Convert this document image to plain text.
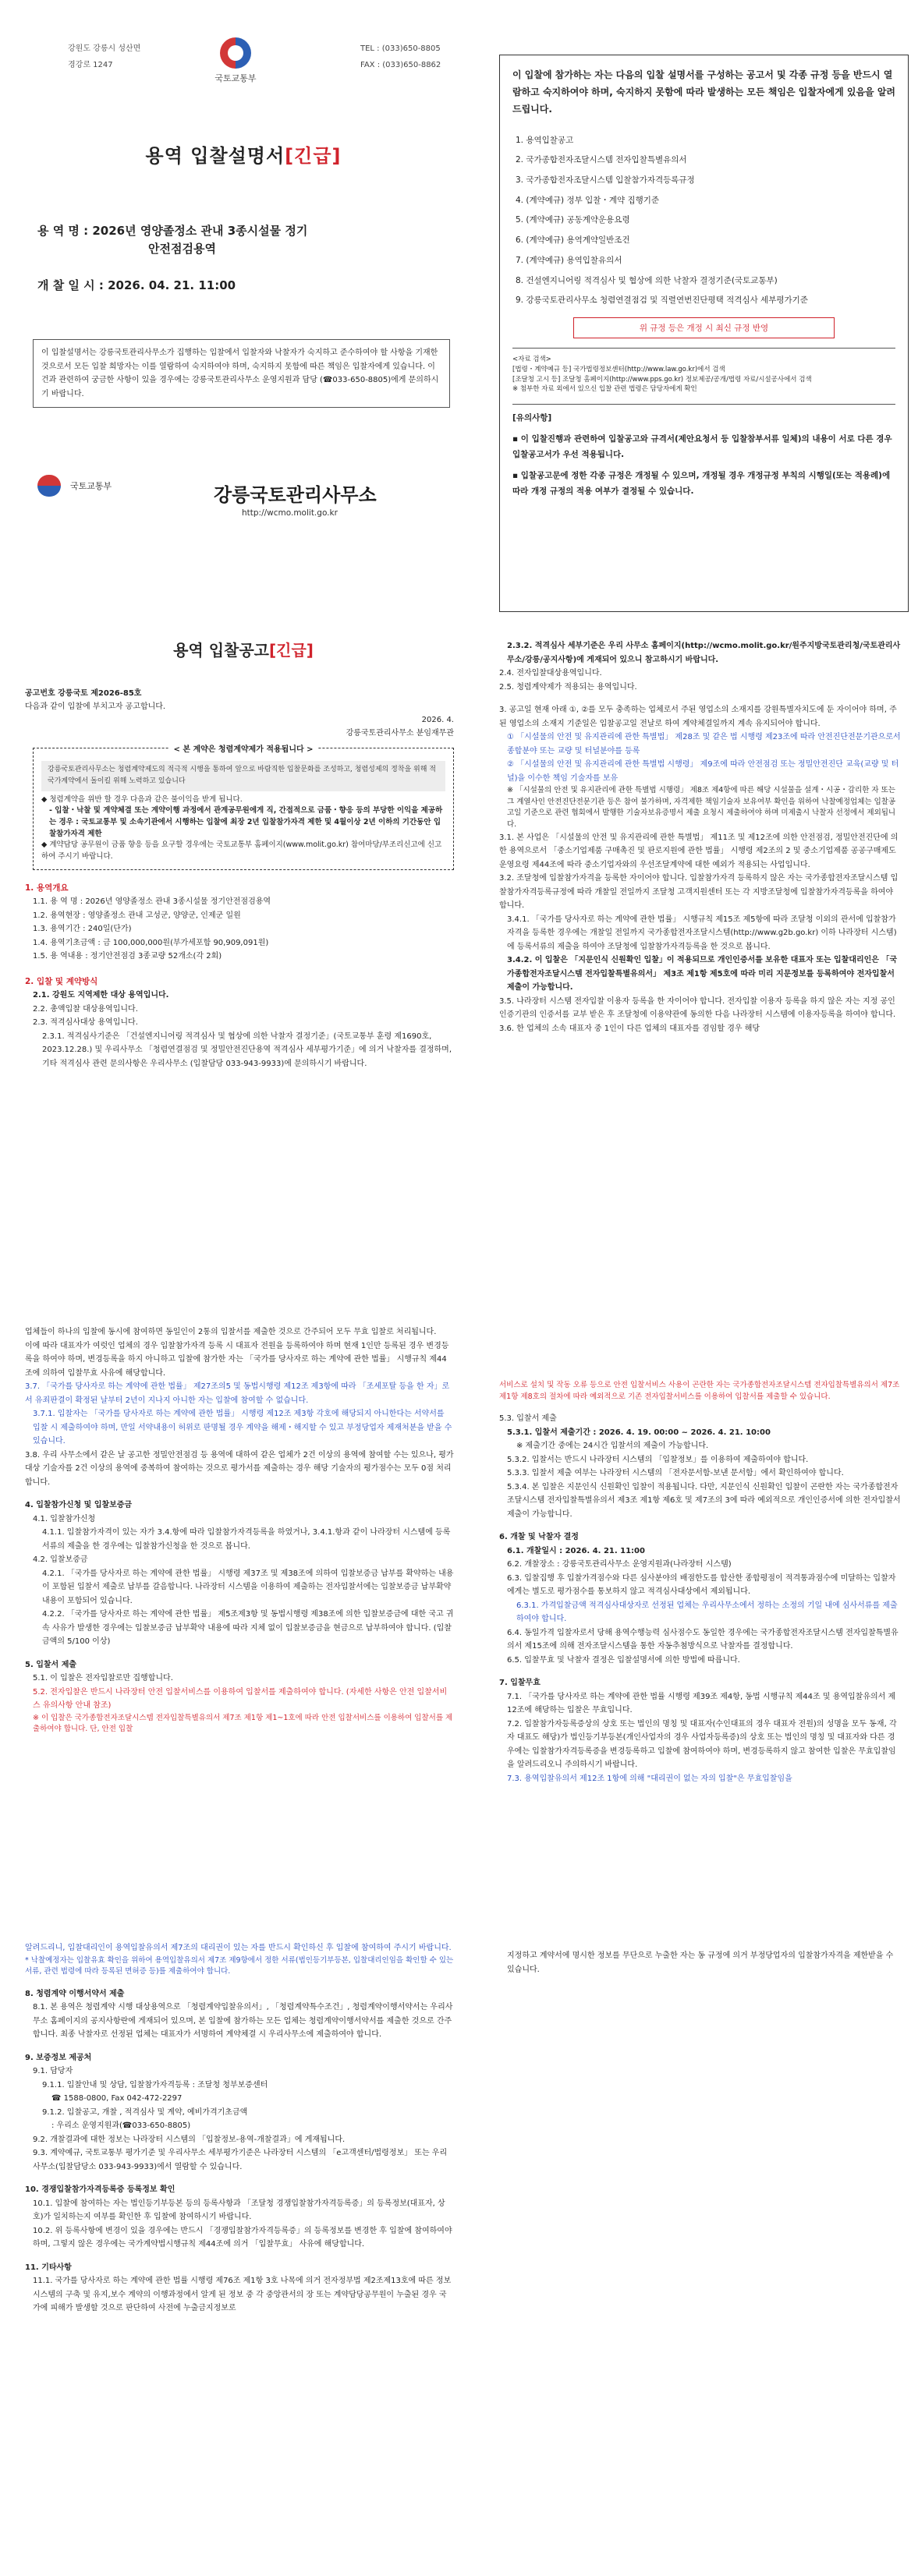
강원도 강릉시 성산면
경강로 1247
국토교통부
TEL : (033)650-8805
FAX : (033)650-8862
용역 입찰설명서[긴급]
용 역 명 : 2026년 영양졸정소 관내 3종시설물 정기
안전점검용역
개 찰 일 시 : 2026. 04. 21. 11:00
이 입찰설명서는 강릉국토관리사무소가 집행하는 입찰에서 입찰자와 낙찰자가 숙지하고 준수하여야 할 사항을 기재한 것으로서 모든 입찰 희망자는 이를 열람하여 숙지하여야 하며, 숙지하지 못함에 따른 책임은 입찰자에게 있습니다. 이 건과 관련하여 궁금한 사항이 있을 경우에는 강릉국토관리사무소 운영지원과 담당 (☎033-650-8805)에게 문의하시기 바랍니다.
국토교통부	강릉국토관리사무소
http://wcmo.molit.go.kr
이 입찰에 참가하는 자는 다음의 입찰 설명서를 구성하는 공고서 및 각종 규정 등을 반드시 열람하고 숙지하여야 하며, 숙지하지 못함에 따라 발생하는 모든 책임은 입찰자에게 있음을 알려드립니다.
1. 용역입찰공고
2. 국가종합전자조달시스템 전자입찰특별유의서
3. 국가종합전자조달시스템 입찰참가자격등록규정
4. (계약예규) 정부 입찰・계약 집행기준
5. (계약예규) 공동계약운용요령
6. (계약예규) 용역계약일반조건
7. (계약예규) 용역입찰유의서
8. 건설엔지니어링 적격심사 및 협상에 의한 낙찰자 결정기준(국토교통부)
9. 강릉국토관리사무소 청렴연결점검 및 직렬연번진단평택 적격심사 세부평가기준
위 규정 등은 개정 시 최신 규정 반영
<자료 검색>
[법령・계약예규 등] 국가법령정보센터(http://www.law.go.kr)에서 검색
[조달청 고시 등] 조달청 홈페이지(http://www.pps.go.kr) 정보제공/공개/법령 자료/시설공사에서 검색
※ 첨부한 자료 외에서 있으신 입찰 관련 법령은 담당자에게 확인
[유의사항]
▪ 이 입찰진행과 관련하여 입찰공고와 규격서(제안요청서 등 입찰참부서류 일체)의 내용이 서로 다른 경우 입찰공고서가 우선 적용됩니다.
▪ 입찰공고문에 정한 각종 규정은 개정될 수 있으며, 개정될 경우 개정규정 부칙의 시행일(또는 적용례)에 따라 개정 규정의 적용 여부가 결정될 수 있습니다.
용역 입찰공고[긴급]
공고번호 강릉국토 제2026-85호
다음과 같이 입찰에 부치고자 공고합니다.
2026. 4.
강릉국토관리사무소 분임재무관
< 본 계약은 청렴계약제가 적용됩니다 >
강릉국토관리사무소는 청렴계약제도의 적극적 시행을 통하여 앞으로 바람직한 입찰문화를 조성하고, 청렴성제의 정착을 위해 적 국가계약에서 돌이킬 위해 노력하고 있습니다
◆ 청렴계약을 위반 할 경우 다음과 같은 불이익을 받게 됩니다.
- 입찰・낙찰 및 계약체결 또는 계약이행 과정에서 관계공무원에게 직, 간접적으로 금품・향응 등의 부당한 이익을 제공하는 경우 : 국토교통부 및 소속기관에서 시행하는 입찰에 최장 2년 입찰참가자격 제한 및 4월이상 2년 이하의 기간동안 입찰참가자격 제한
◆ 계약담당 공무원이 금품 향응 등을 요구할 경우에는 국토교통부 홈페이지(www.molit.go.kr) 참여마당/부조리신고에 신고하여 주시기 바랍니다.
1. 용역개요
1.1. 용 역 명 : 2026년 영양졸정소 관내 3종시설물 정기안전점검용역
1.2. 용역현장 : 영양졸정소 관내 고성군, 양양군, 인제군 일원
1.3. 용역기간 : 240일(단가)
1.4. 용역기초금액 : 금 100,000,000원(부가세포함 90,909,091원)
1.5. 용 역내용 : 정기안전점검 3종교량 52개소(각 2회)
2. 입찰 및 계약방식
2.1. 강원도 지역제한 대상 용역입니다.
2.2. 총액입찰 대상용역입니다.
2.3. 적격심사대상 용역입니다.
2.3.1. 적격심사기준은 「건설엔지니어링 적격심사 및 협상에 의한 낙찰자 결정기준」(국토교통부 훈령 제1690호, 2023.12.28.) 및 우리사무소 「청렴연결점검 및 정밀안전진단용역 적격심사 세부평가기준」에 의거 낙찰자를 결정하며, 기타 적격심사 관련 문의사항은 우리사무소 (입찰담당 033-943-9933)에 문의하시기 바랍니다.
2.3.2. 적격심사 세부기준은 우리 사무소 홈페이지(http://wcmo.molit.go.kr/원주지방국토관리청/국토관리사무소/강릉/공지사항)에 게재되어 있으니 참고하시기 바랍니다.
2.4. 전자입찰대상용역입니다.
2.5. 청렴계약제가 적용되는 용역입니다.
3. 공고일 현재 아래 ①, ②를 모두 충족하는 업체로서 주된 영업소의 소재지를 강원특별자치도에 둔 자이어야 하며, 주된 영업소의 소재지 기준일은 입찰공고일 전날로 하여 계약체결일까지 계속 유지되어야 합니다.
① 「시설물의 안전 및 유지관리에 관한 특별법」 제28조 및 같은 법 시행령 제23조에 따라 안전진단전문기관으로서 종합분야 또는 교량 및 터널분야를 등록
② 「시설물의 안전 및 유지관리에 관한 특별법 시행령」 제9조에 따라 안전점검 또는 정밀안전진단 교육(교량 및 터널)을 이수한 책임 기술자를 보유
※ 「시설물의 안전 및 유지관리에 관한 특별법 시행령」 제8조 제4항에 따른 해당 시설물을 설계・시공・감리한 자 또는 그 계열사인 안전진단전문기관 등은 참여 불가하며, 자격제한 책임기술자 보유여부 확인을 위하여 낙찰예정업체는 입찰공고일 기준으로 관련 협회에서 발행한 기술자보유증명서 제출 요청시 제출하여야 하며 미제출시 낙찰자 선정에서 제외됩니다.
3.1. 본 사업은 「시설물의 안전 및 유지관리에 관한 특별법」 제11조 및 제12조에 의한 안전점검, 정밀안전진단에 의한 용역으로서 「중소기업제품 구매촉진 및 판로지원에 관한 법률」 시행령 제2조의 2 및 중소기업제품 공공구매제도 운영요령 제44조에 따라 중소기업자와의 우선조달계약에 대한 예외가 적용되는 사업입니다.
3.2. 조달청에 입찰참가자격을 등록한 자이어야 합니다. 입찰참가자격 등록하지 않은 자는 국가종합전자조달시스템 입찰참가자격등록규정에 따라 개찰일 전일까지 조달청 고객지원센터 또는 각 지방조달청에 입찰참가자격등록을 하여야 합니다.
3.4.1. 「국가를 당사자로 하는 계약에 관한 법률」 시행규칙 제15조 제5항에 따라 조달청 이외의 관서에 입찰참가자격을 등록한 경우에는 개찰일 전일까지 국가종합전자조달시스템(http://www.g2b.go.kr) 이하 나라장터 시스템)에 등록서류의 제출을 하여야 조달청에 입찰참가자격등록을 한 것으로 봅니다.
3.4.2. 이 입찰은 「지문인식 신원확인 입찰」이 적용되므로 개인인증서를 보유한 대표자 또는 입찰대리인은 「국가종합전자조달시스템 전자입찰특별유의서」 제3조 제1항 제5호에 따라 미리 지문정보를 등록하여야 전자입찰서 제출이 가능합니다.
3.5. 나라장터 시스템 전자입찰 이용자 등록을 한 자이어야 합니다. 전자입찰 이용자 등록을 하지 않은 자는 지정 공인인증기관의 인증서를 교부 받은 후 조달청에 이용약관에 동의한 다음 나라장터 시스템에 이용자등록을 하여야 합니다.
3.6. 한 업체의 소속 대표자 중 1인이 다른 업체의 대표자를 겸임할 경우 해당
업체들이 하나의 입찰에 동시에 참여하면 동일인이 2통의 입찰서를 제출한 것으로 간주되어 모두 무효 입찰로 처리됩니다.
이에 따라 대표자가 여럿인 업체의 경우 입찰참가자격 등록 시 대표자 전원을 등록하여야 하며 현재 1인만 등록된 경우 변경등록을 하여야 하며, 변경등록을 하지 아니하고 입찰에 참가한 자는 「국가를 당사자로 하는 계약에 관한 법률」 시행규칙 제44조에 의하여 입찰무효 사유에 해당합니다.
3.7. 「국가를 당사자로 하는 계약에 관한 법률」 제27조의5 및 동법시행령 제12조 제3항에 따라 「조세포탈 등을 한 자」로서 유죄판결이 확정된 날부터 2년이 지나지 아니한 자는 입찰에 참여할 수 없습니다.
3.7.1. 입찰자는 「국가를 당사자로 하는 계약에 관한 법률」 시행령 제12조 제3항 각호에 해당되지 아니한다는 서약서를 입찰 시 제출하여야 하며, 만일 서약내용이 허위로 판명될 경우 계약을 해제・해지할 수 있고 부정당업자 제재처분을 받을 수 있습니다.
3.8. 우리 사무소에서 같은 날 공고한 정밀안전점검 등 용역에 대하여 같은 업체가 2건 이상의 용역에 참여할 수는 있으나, 평가대상 기술자를 2건 이상의 용역에 중복하여 참여하는 것으로 평가서를 제출하는 경우 해당 기술자의 평가점수는 모두 0점 처리 합니다.
4. 입찰참가신청 및 입찰보증금
4.1. 입찰참가신청
4.1.1. 입찰참가자격이 있는 자가 3.4.항에 따라 입찰참가자격등록을 하였거나, 3.4.1.항과 같이 나라장터 시스템에 등록서류의 제출을 한 경우에는 입찰참가신청을 한 것으로 봅니다.
4.2. 입찰보증금
4.2.1. 「국가를 당사자로 하는 계약에 관한 법률」 시행령 제37조 및 제38조에 의하여 입찰보증금 납부를 확약하는 내용이 포함된 입찰서 제출로 납부를 갈음합니다. 나라장터 시스템을 이용하여 제출하는 전자입찰서에는 입찰보증금 납부확약 내용이 포함되어 있습니다.
4.2.2. 「국가를 당사자로 하는 계약에 관한 법률」 제5조제3항 및 동법시행령 제38조에 의한 입찰보증금에 대한 국고 귀속 사유가 발생한 경우에는 입찰보증금 납부확약 내용에 따라 지체 없이 입찰보증금을 현금으로 납부하여야 합니다. (입찰금액의 5/100 이상)
5. 입찰서 제출
5.1. 이 입찰은 전자입찰로만 집행합니다.
5.2. 전자입찰은 반드시 나라장터 안전 입찰서비스를 이용하여 입찰서를 제출하여야 합니다. (자세한 사항은 안전 입찰서비스 유의사항 안내 참조)
※ 이 입찰은 국가종합전자조달시스템 전자입찰특별유의서 제7조 제1항 제1~1호에 따라 안전 입찰서비스를 이용하여 입찰서를 제출하여야 합니다. 단, 안전 입찰
서비스로 설치 및 작동 오류 등으로 안전 입찰서비스 사용이 곤란한 자는 국가종합전자조달시스템 전자입찰특별유의서 제7조 제1항 제8호의 절차에 따라 예외적으로 기존 전자입찰서비스를 이용하여 입찰서를 제출할 수 있습니다.
5.3. 입찰서 제출
5.3.1. 입찰서 제출기간 : 2026. 4. 19. 00:00 ~ 2026. 4. 21. 10:00
※ 제출기간 중에는 24시간 입찰서의 제출이 가능합니다.
5.3.2. 입찰서는 반드시 나라장터 시스템의 「입찰정보」를 이용하여 제출하여야 합니다.
5.3.3. 입찰서 제출 여부는 나라장터 시스템의 「전자문서함-보낸 문서함」에서 확인하여야 합니다.
5.3.4. 본 입찰은 지문인식 신원확인 입찰이 적용됩니다. 다만, 지문인식 신원확인 입찰이 곤란한 자는 국가종합전자조달시스템 전자입찰특별유의서 제3조 제1항 제6호 및 제7조의 3에 따라 예외적으로 개인인증서에 의한 전자입찰서 제출이 가능합니다.
6. 개찰 및 낙찰자 결정
6.1. 개찰일시 : 2026. 4. 21. 11:00
6.2. 개찰장소 : 강릉국토관리사무소 운영지원과(나라장터 시스템)
6.3. 입찰집행 후 입찰가격점수와 다른 심사분야의 배점한도를 합산한 종합평점이 적격통과점수에 미달하는 입찰자에게는 별도로 평가점수를 통보하지 않고 적격심사대상에서 제외됩니다.
6.3.1. 가격입찰금액 적격심사대상자로 선정된 업체는 우리사무소에서 정하는 소정의 기일 내에 심사서류를 제출하여야 합니다.
6.4. 동일가격 입찰자로서 당해 용역수행능력 심사점수도 동일한 경우에는 국가종합전자조달시스템 전자입찰특별유의서 제15조에 의해 전자조달시스템을 통한 자동추첨방식으로 낙찰자를 결정합니다.
6.5. 입찰무효 및 낙찰자 결정은 입찰설명서에 의한 방법에 따릅니다.
7. 입찰무효
7.1. 「국가를 당사자로 하는 계약에 관한 법률 시행령 제39조 제4항, 동법 시행규칙 제44조 및 용역입찰유의서 제12조에 해당하는 입찰은 무효입니다.
7.2. 입찰참가자등록증상의 상호 또는 법인의 명칭 및 대표자(수인대표의 경우 대표자 전원)의 성명을 모두 동재, 각자 대표도 해당)가 법인등기부등본(개인사업자의 경우 사업자등록증)의 상호 또는 법인의 명칭 및 대표자와 다른 경우에는 입찰참가자격등록증을 변경등록하고 입찰에 참여하여야 하며, 변경등록하지 않고 참여한 입찰은 무효입찰임을 알려드리오니 주의하시기 바랍니다.
7.3. 용역입찰유의서 제12조 1항에 의해 "대리권이 없는 자의 입찰"은 무효입찰임을
알려드리니, 입찰대리인이 용역입찰유의서 제7조의 대리권이 있는 자를 반드시 확인하신 후 입찰에 참여하여 주시기 바랍니다.
* 낙찰예정자는 입찰유효 확인을 위하여 용역입찰유의서 제7조 제9항에서 정한 서류(법인등기부등본, 입찰대리인임을 확인할 수 있는 서류, 관련 법령에 따라 등록된 면허증 등)를 제출하여야 합니다.
8. 청렴계약 이행서약서 제출
8.1. 본 용역은 청렴계약 시행 대상용역으로 「청렴계약입찰유의서」, 「청렴계약특수조건」, 청렴계약이행서약서는 우리사무소 홈페이지의 공지사항란에 게재되어 있으며, 본 입찰에 참가하는 모든 업체는 청렴계약이행서약서를 제출한 것으로 간주합니다. 최종 낙찰자로 선정된 업체는 대표자가 서명하여 계약체결 시 우리사무소에 제출하여야 합니다.
9. 보증정보 제공처
9.1. 담당자
9.1.1. 입찰안내 및 상담, 입찰참가자격등록 : 조달청 청부보증센터
☎ 1588-0800, Fax 042-472-2297
9.1.2. 입찰공고, 개찰 , 적격심사 및 계약, 예비가격기초금액
: 우리소 운영지원과(☎033-650-8805)
9.2. 개찰결과에 대한 정보는 나라장터 시스템의 「입찰정보-용역-개찰결과」에 게재됩니다.
9.3. 계약예규, 국토교통부 평가기준 및 우리사무소 세부평가기준은 나라장터 시스템의 「e고객센터/법령정보」 또는 우리사무소(입찰담당소 033-943-9933)에서 열람할 수 있습니다.
10. 경쟁입찰참가자격등록증 등록정보 확인
10.1. 입찰에 참여하는 자는 법인등기부등본 등의 등록사항과 「조달청 경쟁입찰참가자격등록증」의 등록정보(대표자, 상호)가 일치하는지 여부를 확인한 후 입찰에 참여하시기 바랍니다.
10.2. 위 등록사항에 변경이 있을 경우에는 반드시 「경쟁입찰참가자격등록증」의 등록정보를 변경한 후 입찰에 참여하여야 하며, 그렇지 않은 경우에는 국가계약법시행규칙 제44조에 의거 「입찰무효」 사유에 해당합니다.
11. 기타사항
11.1. 국가를 당사자로 하는 계약에 관한 법률 시행령 제76조 제1항 3호 나목에 의거 전자정부법 제2조제13호에 따른 정보시스템의 구축 및 유지,보수 계약의 이행과정에서 알게 된 정보 중 각 중앙관서의 장 또는 계약담당공무원이 누출된 경우 국가에 피해가 발생할 것으로 판단하여 사전에 누출금지정보로
지정하고 계약서에 명시한 정보를 무단으로 누출한 자는 동 규정에 의거 부정당업자의 입찰참가자격을 제한받을 수 있습니다.
